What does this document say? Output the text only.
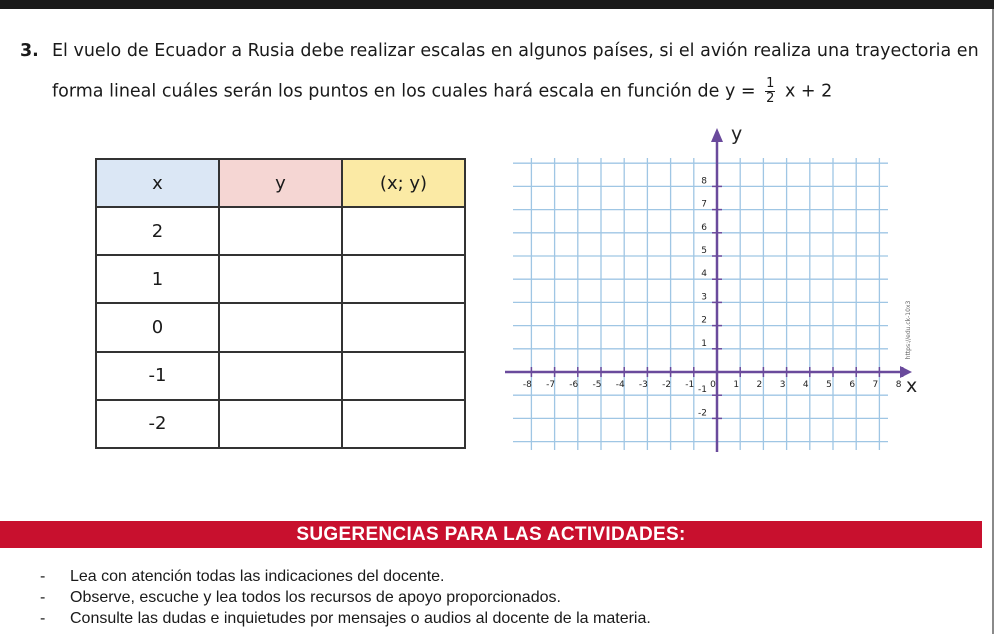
3. El vuelo de Ecuador a Rusia debe realizar escalas en algunos países, si el avión realiza una trayectoria en
forma lineal cuáles serán los puntos en los cuales hará escala en función de $y = \frac{1}{2}$ x + 2
x	y	(x; y)
2		
1		
0		
-1		
-2		
-8 -7 -6 -5 -4 -3 -2 -1 0 1 2 3 4 5 6 7 8
8
7
6
5
4
3
2
1
-1
-2
y
x
https://edu.ck-10x3
SUGERENCIAS PARA LAS ACTIVIDADES:
- Lea con atención todas las indicaciones del docente.
- Observe, escuche y lea todos los recursos de apoyo proporcionados.
- Consulte las dudas e inquietudes por mensajes o audios al docente de la materia.
